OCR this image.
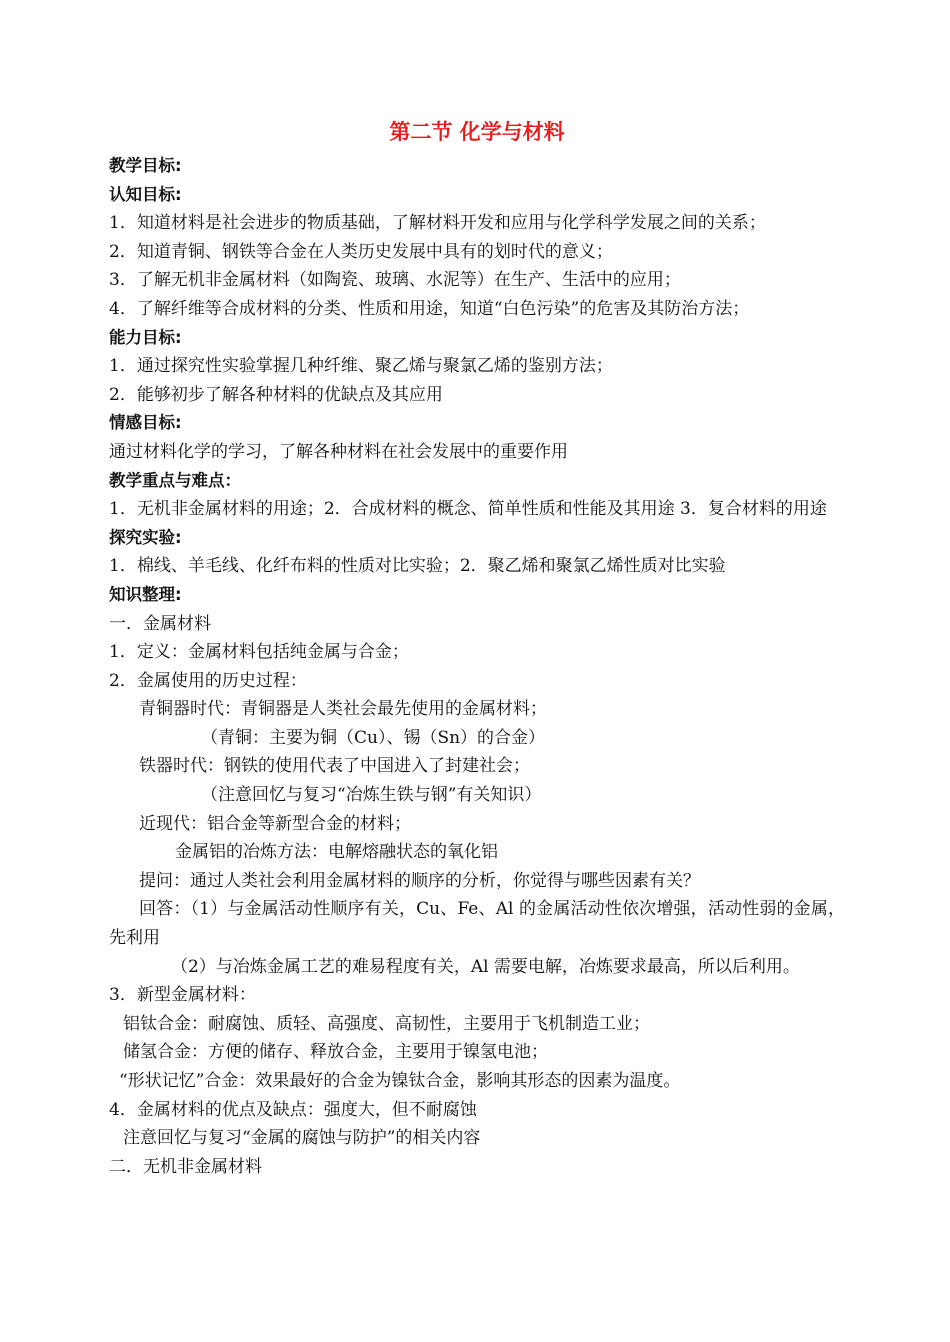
第二节 化学与材料
教学目标:
认知目标:
1．知道材料是社会进步的物质基础，了解材料开发和应用与化学科学发展之间的关系；
2．知道青铜、钢铁等合金在人类历史发展中具有的划时代的意义；
3．了解无机非金属材料（如陶瓷、玻璃、水泥等）在生产、生活中的应用；
4．了解纤维等合成材料的分类、性质和用途，知道“白色污染”的危害及其防治方法；
能力目标:
1．通过探究性实验掌握几种纤维、聚乙烯与聚氯乙烯的鉴别方法；
2．能够初步了解各种材料的优缺点及其应用
情感目标:
通过材料化学的学习，了解各种材料在社会发展中的重要作用
教学重点与难点：
1．无机非金属材料的用途；2．合成材料的概念、简单性质和性能及其用途 3．复合材料的用途
探究实验:
1．棉线、羊毛线、化纤布料的性质对比实验；2．聚乙烯和聚氯乙烯性质对比实验
知识整理:
一．金属材料
1．定义：金属材料包括纯金属与合金；
2．金属使用的历史过程：
青铜器时代：青铜器是人类社会最先使用的金属材料；
（青铜：主要为铜（Cu）、锡（Sn）的合金）
铁器时代：钢铁的使用代表了中国进入了封建社会；
（注意回忆与复习“冶炼生铁与钢”有关知识）
近现代：铝合金等新型合金的材料；
金属铝的冶炼方法：电解熔融状态的氧化铝
提问：通过人类社会利用金属材料的顺序的分析，你觉得与哪些因素有关？
回答：（1）与金属活动性顺序有关，Cu、Fe、Al 的金属活动性依次增强，活动性弱的金属，先利用
（2）与冶炼金属工艺的难易程度有关，Al 需要电解，冶炼要求最高，所以后利用。
3．新型金属材料：
铝钛合金：耐腐蚀、质轻、高强度、高韧性，主要用于飞机制造工业；
储氢合金：方便的储存、释放合金，主要用于镍氢电池；
“形状记忆”合金：效果最好的合金为镍钛合金，影响其形态的因素为温度。
4．金属材料的优点及缺点：强度大，但不耐腐蚀
注意回忆与复习“金属的腐蚀与防护”的相关内容
二．无机非金属材料
